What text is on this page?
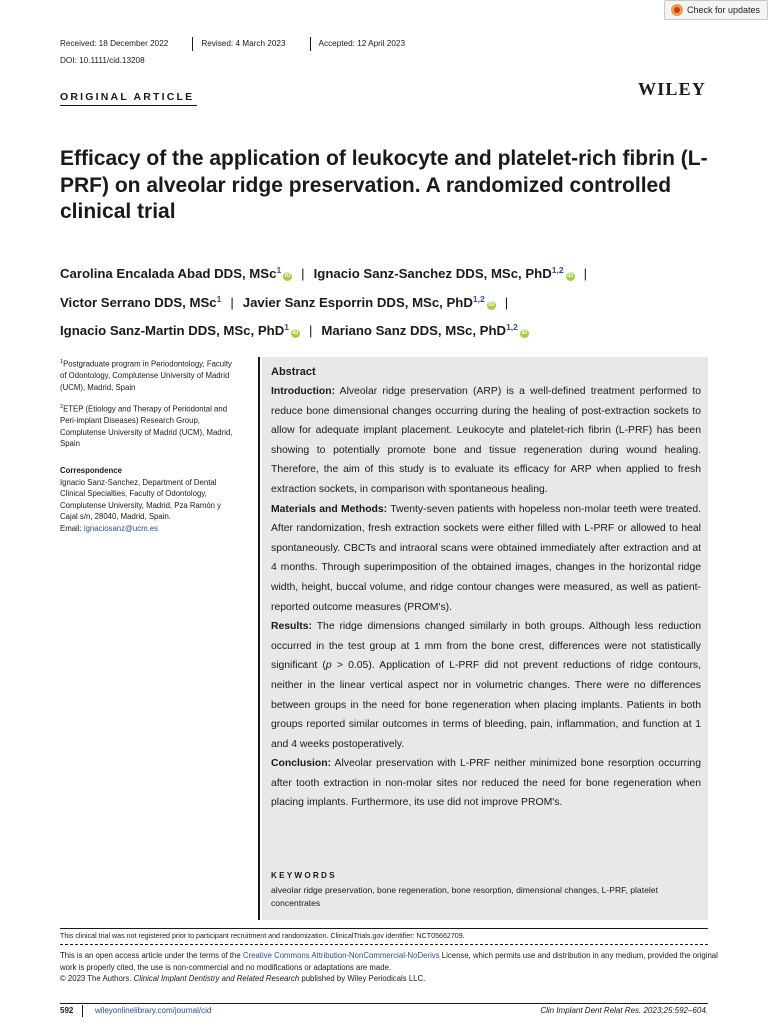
Check for updates
Received: 18 December 2022	Revised: 4 March 2023	Accepted: 12 April 2023
DOI: 10.1111/cid.13208
ORIGINAL ARTICLE	WILEY
Efficacy of the application of leukocyte and platelet-rich fibrin (L-PRF) on alveolar ridge preservation. A randomized controlled clinical trial
Carolina Encalada Abad DDS, MSc$^1$iD | Ignacio Sanz-Sanchez DDS, MSc, PhD$^{1,2}$iD |
Victor Serrano DDS, MSc$^1$ | Javier Sanz Esporrin DDS, MSc, PhD$^{1,2}$iD |
Ignacio Sanz-Martin DDS, MSc, PhD$^1$iD | Mariano Sanz DDS, MSc, PhD$^{1,2}$iD
$^1$Postgraduate program in Periodontology, Faculty of Odontology, Complutense University of Madrid (UCM), Madrid, Spain
$^2$ETEP (Etiology and Therapy of Periodontal and Peri-implant Diseases) Research Group, Complutense University of Madrid (UCM), Madrid, Spain
Correspondence
Ignacio Sanz-Sanchez, Department of Dental Clinical Specialties, Faculty of Odontology, Complutense University, Madrid, Pza Ramón y Cajal s/n, 28040, Madrid, Spain.
Email: ignaciosanz@ucm.es
Abstract

Introduction: Alveolar ridge preservation (ARP) is a well-defined treatment performed to reduce bone dimensional changes occurring during the healing of post-extraction sockets to allow for adequate implant placement. Leukocyte and platelet-rich fibrin (L-PRF) has been showing to potentially promote bone and tissue regeneration during wound healing. Therefore, the aim of this study is to evaluate its efficacy for ARP when applied to fresh extraction sockets, in comparison with spontaneous healing.

Materials and Methods: Twenty-seven patients with hopeless non-molar teeth were treated. After randomization, fresh extraction sockets were either filled with L-PRF or allowed to heal spontaneously. CBCTs and intraoral scans were obtained immediately after extraction and at 4 months. Through superimposition of the obtained images, changes in the horizontal ridge width, height, buccal volume, and ridge contour changes were measured, as well as patient-reported outcome measures (PROM's).

Results: The ridge dimensions changed similarly in both groups. Although less reduction occurred in the test group at 1 mm from the bone crest, differences were not statistically significant (p > 0.05). Application of L-PRF did not prevent reductions of ridge contours, neither in the linear vertical aspect nor in volumetric changes. There were no differences between groups in the need for bone regeneration when placing implants. Patients in both groups reported similar outcomes in terms of bleeding, pain, inflammation, and function at 1 and 4 weeks postoperatively.

Conclusion: Alveolar preservation with L-PRF neither minimized bone resorption occurring after tooth extraction in non-molar sites nor reduced the need for bone regeneration when placing implants. Furthermore, its use did not improve PROM's.

KEYWORDS
alveolar ridge preservation, bone regeneration, bone resorption, dimensional changes, L-PRF, platelet concentrates
This clinical trial was not registered prior to participant recruitment and randomization. ClinicalTrials.gov identifier: NCT05662709.
This is an open access article under the terms of the Creative Commons Attribution-NonCommercial-NoDerivs License, which permits use and distribution in any medium, provided the original work is properly cited, the use is non-commercial and no modifications or adaptations are made.
© 2023 The Authors. Clinical Implant Dentistry and Related Research published by Wiley Periodicals LLC.
592	wileyonlinelibrary.com/journal/cid	Clin Implant Dent Relat Res. 2023;25:592–604.
